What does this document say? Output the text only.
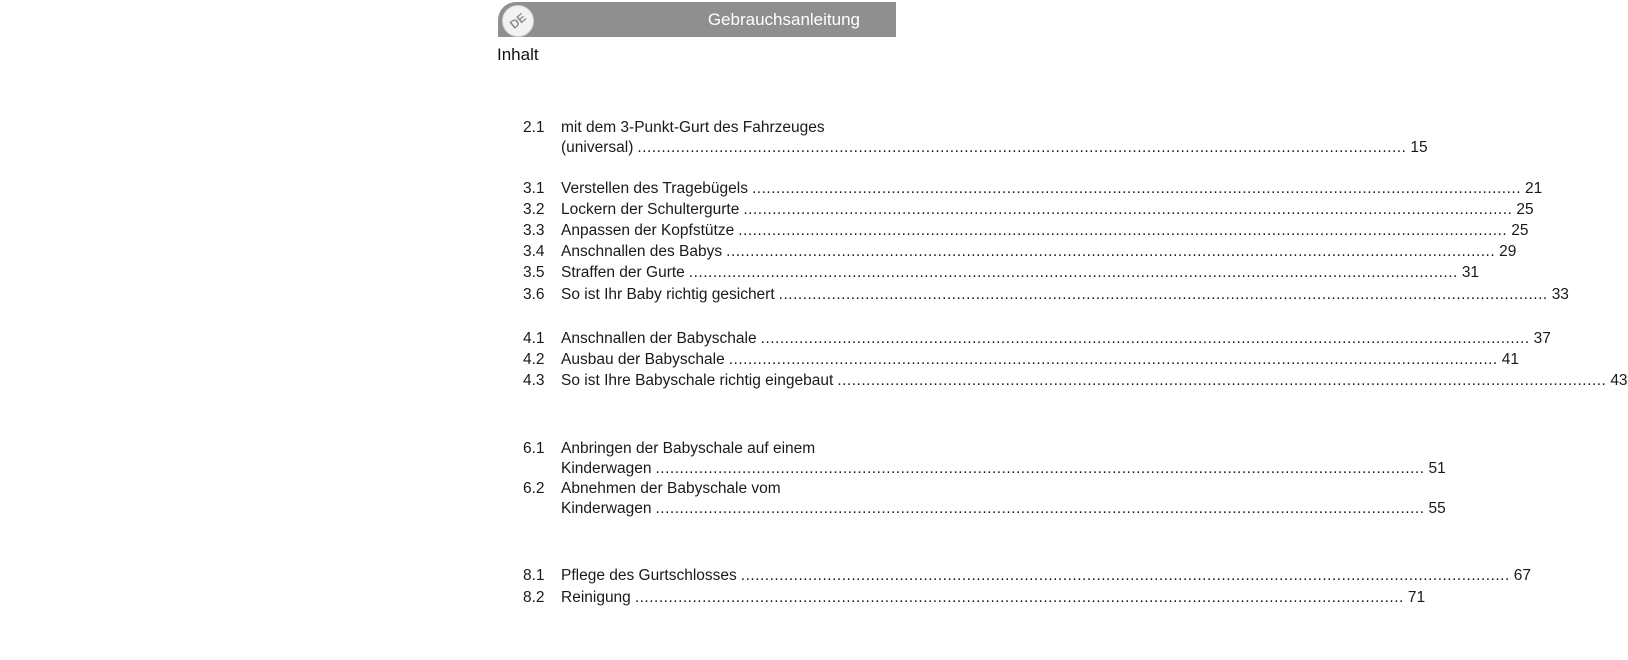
DE	Gebrauchsanleitung
Inhalt
2.1	mit dem 3-Punkt-Gurt des Fahrzeuges
(universal) ................................................................................................................................................................ 15
3.1	Verstellen des Tragebügels ................................................................................................................................................................ 21
3.2	Lockern der Schultergurte ................................................................................................................................................................ 25
3.3	Anpassen der Kopfstütze ................................................................................................................................................................ 25
3.4	Anschnallen des Babys ................................................................................................................................................................ 29
3.5	Straffen der Gurte ................................................................................................................................................................ 31
3.6	So ist Ihr Baby richtig gesichert ................................................................................................................................................................ 33
4.1	Anschnallen der Babyschale ................................................................................................................................................................ 37
4.2	Ausbau der Babyschale ................................................................................................................................................................ 41
4.3	So ist Ihre Babyschale richtig eingebaut ................................................................................................................................................................ 43
6.1	Anbringen der Babyschale auf einem
Kinderwagen ................................................................................................................................................................ 51
6.2	Abnehmen der Babyschale vom
Kinderwagen ................................................................................................................................................................ 55
8.1	Pflege des Gurtschlosses ................................................................................................................................................................ 67
8.2	Reinigung ................................................................................................................................................................ 71
